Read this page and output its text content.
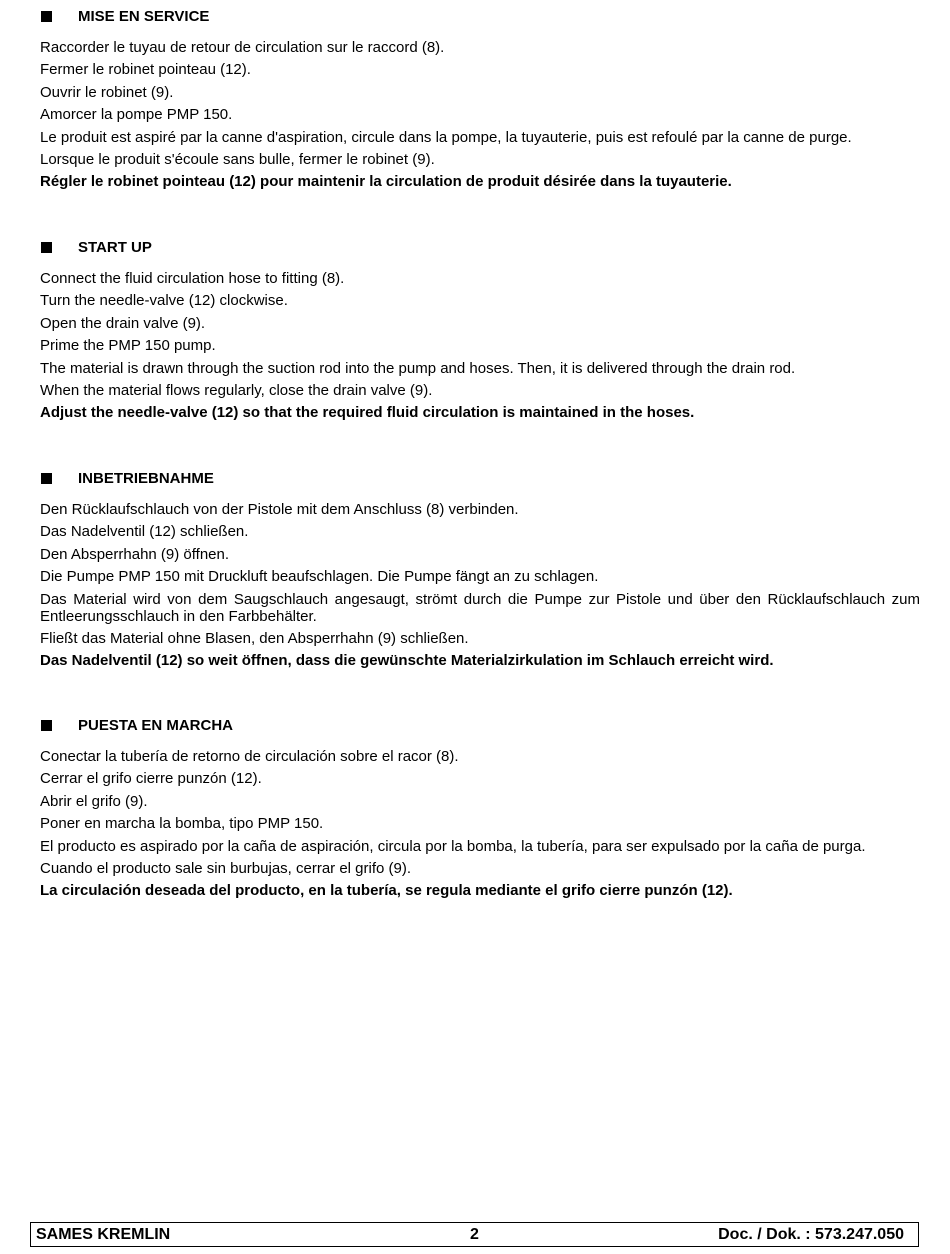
MISE EN SERVICE
Raccorder le tuyau de retour de circulation sur le raccord (8).
Fermer le robinet pointeau (12).
Ouvrir le robinet (9).
Amorcer la pompe PMP 150.
Le produit est aspiré par la canne d'aspiration, circule dans la pompe, la tuyauterie, puis est refoulé par la canne de purge.
Lorsque le produit s'écoule sans bulle, fermer le robinet (9).
Régler le robinet pointeau (12) pour maintenir la circulation de produit désirée dans la tuyauterie.
START UP
Connect the fluid circulation hose to fitting (8).
Turn the needle-valve (12) clockwise.
Open the drain valve (9).
Prime the PMP 150 pump.
The material is drawn through the suction rod into the pump and hoses. Then, it is delivered through the drain rod.
When the material flows regularly, close the drain valve (9).
Adjust the needle-valve (12) so that the required fluid circulation is maintained in the hoses.
INBETRIEBNAHME
Den Rücklaufschlauch von der Pistole mit dem Anschluss (8) verbinden.
Das Nadelventil (12) schließen.
Den Absperrhahn (9) öffnen.
Die Pumpe PMP 150 mit Druckluft beaufschlagen. Die Pumpe fängt an zu schlagen.
Das Material wird von dem Saugschlauch angesaugt, strömt durch die Pumpe zur Pistole und über den Rücklaufschlauch zum Entleerungsschlauch in den Farbbehälter.
Fließt das Material ohne Blasen, den Absperrhahn (9) schließen.
Das Nadelventil (12) so weit öffnen, dass die gewünschte Materialzirkulation im Schlauch erreicht wird.
PUESTA EN MARCHA
Conectar la tubería de retorno de circulación sobre el racor (8).
Cerrar el grifo cierre punzón (12).
Abrir el grifo (9).
Poner en marcha la bomba, tipo PMP 150.
El producto es aspirado por la caña de aspiración, circula por la bomba, la tubería, para ser expulsado por la caña de purga.
Cuando el producto sale sin burbujas, cerrar el grifo (9).
La circulación deseada del producto, en la tubería, se regula mediante el grifo cierre punzón (12).
SAMES KREMLIN	2	Doc. / Dok. : 573.247.050
